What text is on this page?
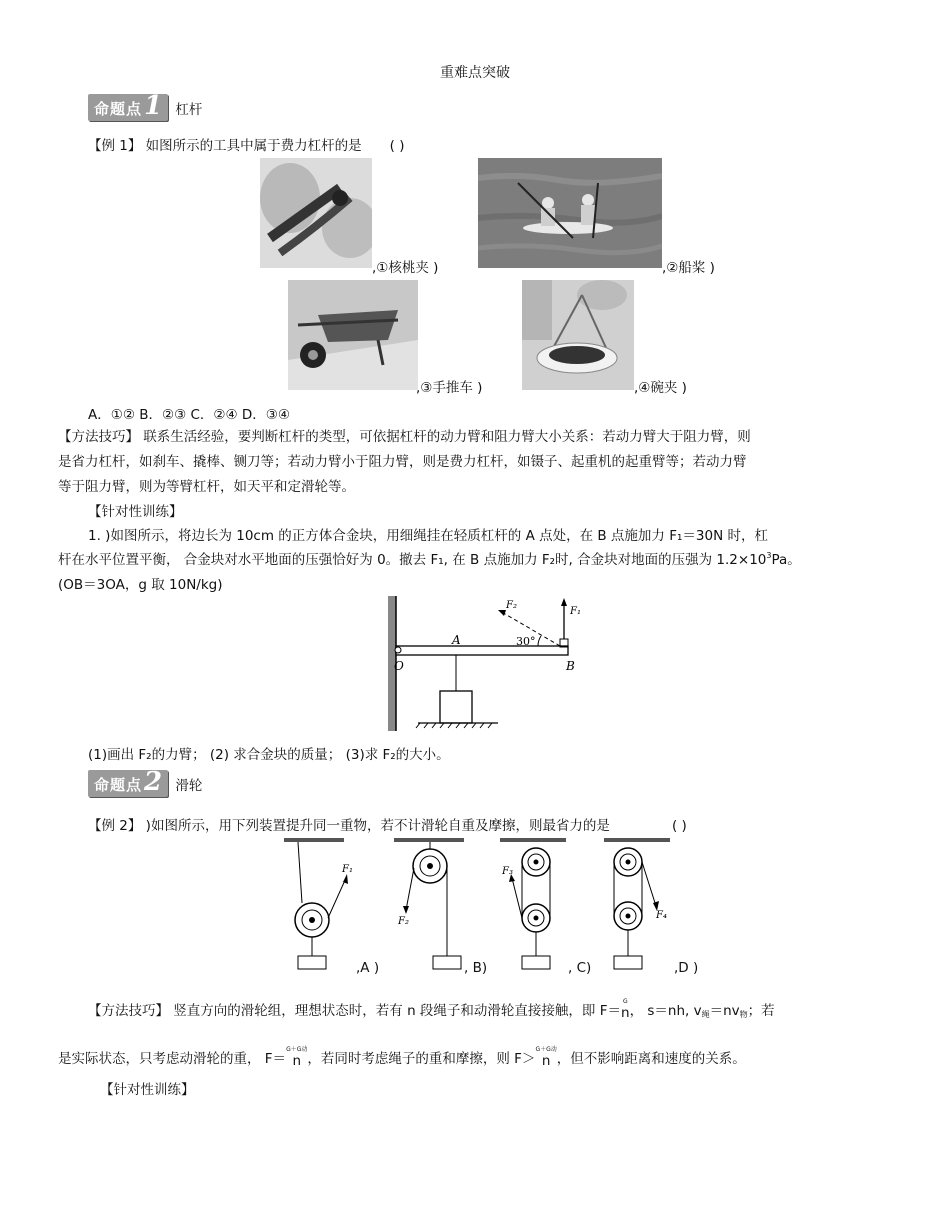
重难点突破
命题点1 杠杆
【例 1】 如图所示的工具中属于费力杠杆的是 ( )
,①核桃夹 )	,②船桨 )
,③手推车 )	,④碗夹 )
A．①② B．②③ C．②④ D．③④
【方法技巧】 联系生活经验，要判断杠杆的类型，可依据杠杆的动力臂和阻力臂大小关系：若动力臂大于阻力臂，则
是省力杠杆，如刹车、撬棒、铡刀等；若动力臂小于阻力臂，则是费力杠杆，如镊子、起重机的起重臂等；若动力臂
等于阻力臂，则为等臂杠杆，如天平和定滑轮等。
【针对性训练】
1. )如图所示，将边长为 10cm 的正方体合金块，用细绳挂在轻质杠杆的 A 点处，在 B 点施加力 F₁＝30N 时，杠
杆在水平位置平衡， 合金块对水平地面的压强恰好为 0。撤去 F₁, 在 B 点施加力 F₂时, 合金块对地面的压强为 $1.2\times 10^3Pa$。
(OB＝3OA，g 取 10N/kg)
F₂
F₁
A
O	B
30°
(1)画出 F₂的力臂； (2) 求合金块的质量； (3)求 F₂的大小。
命题点2 滑轮
【例 2】 )如图所示，用下列装置提升同一重物，若不计滑轮自重及摩擦，则最省力的是	( )
F₁
,A )
F₂
, B)
F₃
, C)
F₄
,D )
【方法技巧】 竖直方向的滑轮组，理想状态时，若有 n 段绳子和动滑轮直接接触，即 F＝
G
n ， s＝nh, $v_绳=nv_物$；若
是实际状态，只考虑动滑轮的重， F＝
G＋G动
n ，若同时考虑绳子的重和摩擦，则 F＞
G＋G动
n ，但不影响距离和速度的关系。
【针对性训练】
